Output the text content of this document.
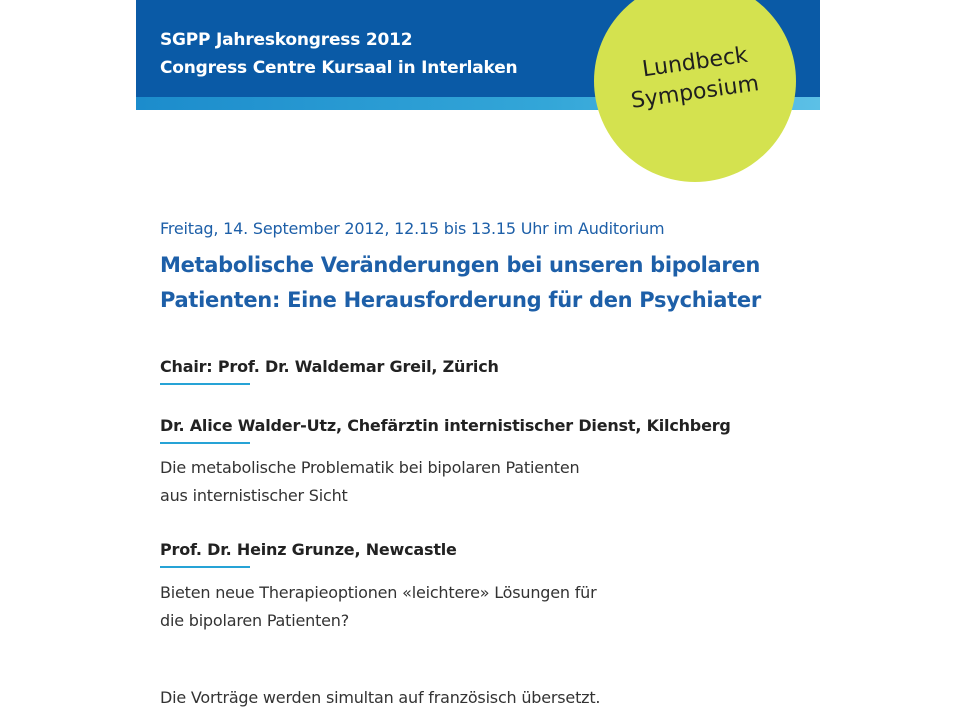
SGPP Jahreskongress 2012
Congress Centre Kursaal in Interlaken	Lundbeck
Symposium
Freitag, 14. September 2012, 12.15 bis 13.15 Uhr im Auditorium
Metabolische Veränderungen bei unseren bipolaren
Patienten: Eine Herausforderung für den Psychiater
Chair: Prof. Dr. Waldemar Greil, Zürich
Dr. Alice Walder-Utz, Chefärztin internistischer Dienst, Kilchberg
Die metabolische Problematik bei bipolaren Patienten
aus internistischer Sicht
Prof. Dr. Heinz Grunze, Newcastle
Bieten neue Therapieoptionen «leichtere» Lösungen für
die bipolaren Patienten?
Die Vorträge werden simultan auf französisch übersetzt.
